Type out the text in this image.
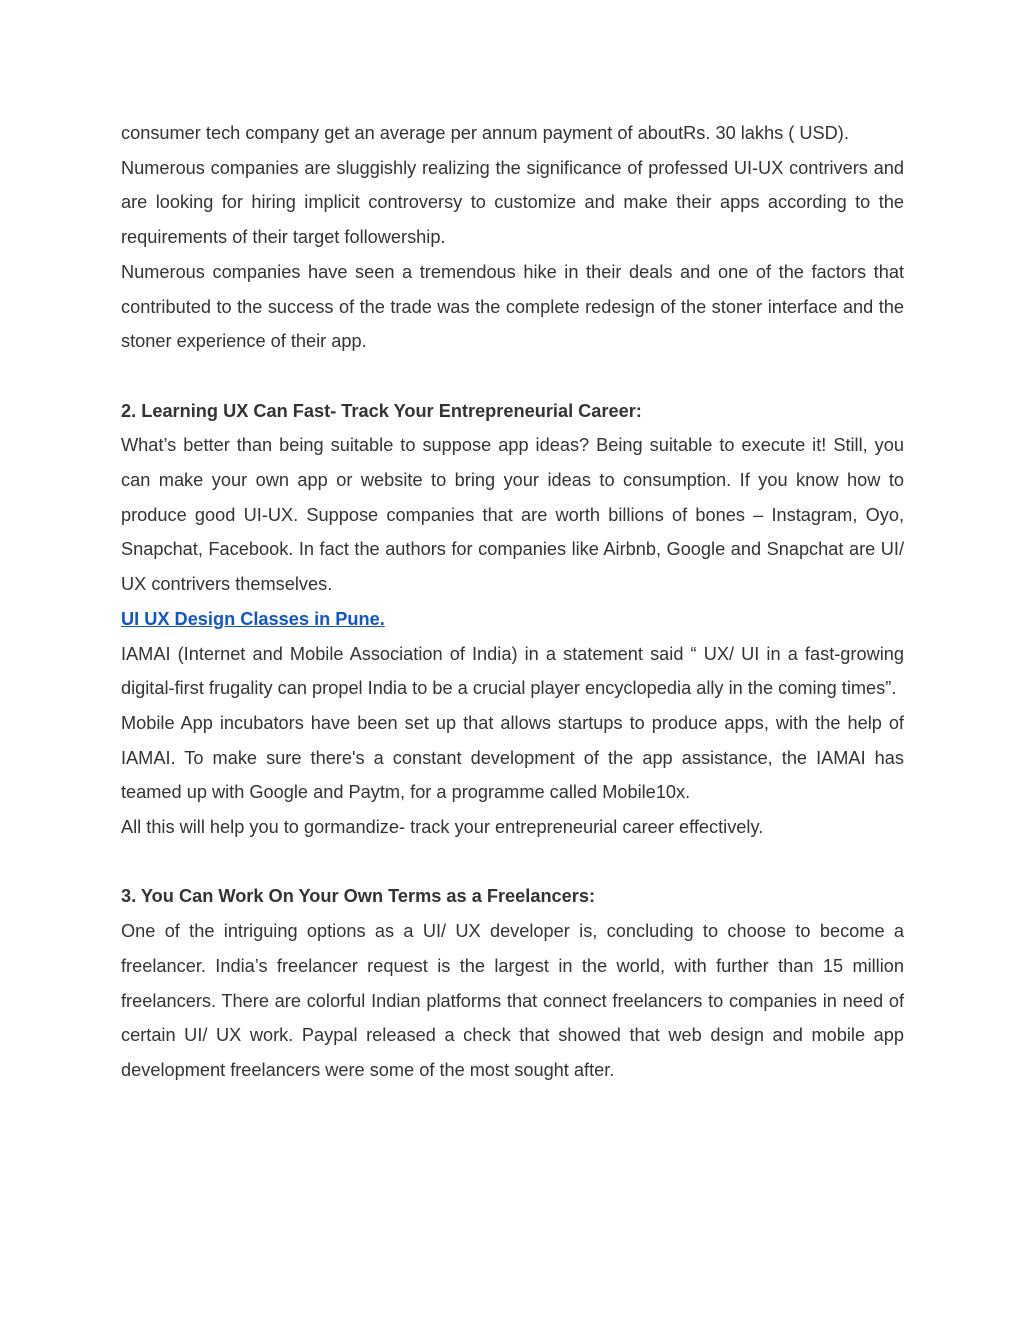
consumer tech company get an average per annum payment of aboutRs. 30 lakhs ( USD).

Numerous companies are sluggishly realizing the significance of professed UI-UX contrivers and are looking for hiring implicit controversy to customize and make their apps according to the requirements of their target followership.

Numerous companies have seen a tremendous hike in their deals and one of the factors that contributed to the success of the trade was the complete redesign of the stoner interface and the stoner experience of their app.

2. Learning UX Can Fast- Track Your Entrepreneurial Career:

What’s better than being suitable to suppose app ideas? Being suitable to execute it! Still, you can make your own app or website to bring your ideas to consumption. If you know how to produce good UI-UX. Suppose companies that are worth billions of bones – Instagram, Oyo, Snapchat, Facebook. In fact the authors for companies like Airbnb, Google and Snapchat are UI/ UX contrivers themselves.

UI UX Design Classes in Pune.

IAMAI (Internet and Mobile Association of India) in a statement said “ UX/ UI in a fast-growing digital-first frugality can propel India to be a crucial player encyclopedia ally in the coming times”.

Mobile App incubators have been set up that allows startups to produce apps, with the help of IAMAI. To make sure there's a constant development of the app assistance, the IAMAI has teamed up with Google and Paytm, for a programme called Mobile10x.

All this will help you to gormandize- track your entrepreneurial career effectively.

3. You Can Work On Your Own Terms as a Freelancers:

One of the intriguing options as a UI/ UX developer is, concluding to choose to become a freelancer. India’s freelancer request is the largest in the world, with further than 15 million freelancers. There are colorful Indian platforms that connect freelancers to companies in need of certain UI/ UX work. Paypal released a check that showed that web design and mobile app development freelancers were some of the most sought after.
